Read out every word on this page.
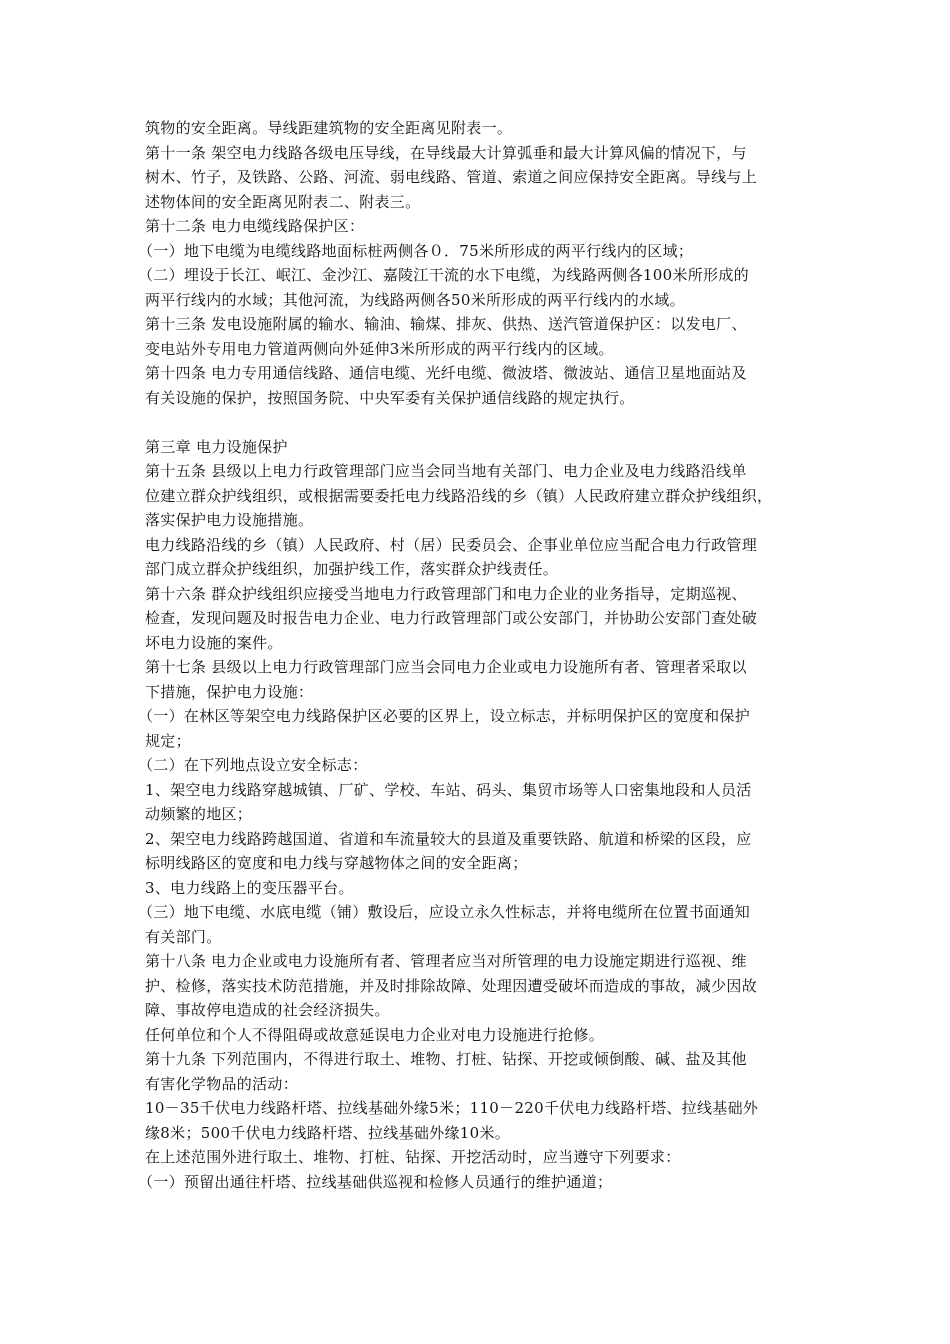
筑物的安全距离。导线距建筑物的安全距离见附表一。
第十一条 架空电力线路各级电压导线，在导线最大计算弧垂和最大计算风偏的情况下，与
树木、竹子，及铁路、公路、河流、弱电线路、管道、索道之间应保持安全距离。导线与上
述物体间的安全距离见附表二、附表三。
第十二条 电力电缆线路保护区：
（一）地下电缆为电缆线路地面标桩两侧各０．75米所形成的两平行线内的区域；
（二）埋设于长江、岷江、金沙江、嘉陵江干流的水下电缆，为线路两侧各100米所形成的
两平行线内的水域；其他河流，为线路两侧各50米所形成的两平行线内的水域。
第十三条 发电设施附属的输水、输油、输煤、排灰、供热、送汽管道保护区：以发电厂、
变电站外专用电力管道两侧向外延伸3米所形成的两平行线内的区域。
第十四条 电力专用通信线路、通信电缆、光纤电缆、微波塔、微波站、通信卫星地面站及
有关设施的保护，按照国务院、中央军委有关保护通信线路的规定执行。
第三章 电力设施保护
第十五条 县级以上电力行政管理部门应当会同当地有关部门、电力企业及电力线路沿线单
位建立群众护线组织，或根据需要委托电力线路沿线的乡（镇）人民政府建立群众护线组织，
落实保护电力设施措施。
电力线路沿线的乡（镇）人民政府、村（居）民委员会、企事业单位应当配合电力行政管理
部门成立群众护线组织，加强护线工作，落实群众护线责任。
第十六条 群众护线组织应接受当地电力行政管理部门和电力企业的业务指导，定期巡视、
检查，发现问题及时报告电力企业、电力行政管理部门或公安部门，并协助公安部门查处破
坏电力设施的案件。
第十七条 县级以上电力行政管理部门应当会同电力企业或电力设施所有者、管理者采取以
下措施，保护电力设施：
（一）在林区等架空电力线路保护区必要的区界上，设立标志，并标明保护区的宽度和保护
规定；
（二）在下列地点设立安全标志：
1、架空电力线路穿越城镇、厂矿、学校、车站、码头、集贸市场等人口密集地段和人员活
动频繁的地区；
2、架空电力线路跨越国道、省道和车流量较大的县道及重要铁路、航道和桥梁的区段，应
标明线路区的宽度和电力线与穿越物体之间的安全距离；
3、电力线路上的变压器平台。
（三）地下电缆、水底电缆（铺）敷设后，应设立永久性标志，并将电缆所在位置书面通知
有关部门。
第十八条 电力企业或电力设施所有者、管理者应当对所管理的电力设施定期进行巡视、维
护、检修，落实技术防范措施，并及时排除故障、处理因遭受破坏而造成的事故，减少因故
障、事故停电造成的社会经济损失。
任何单位和个人不得阻碍或故意延误电力企业对电力设施进行抢修。
第十九条 下列范围内，不得进行取土、堆物、打桩、钻探、开挖或倾倒酸、碱、盐及其他
有害化学物品的活动：
10－35千伏电力线路杆塔、拉线基础外缘5米；110－220千伏电力线路杆塔、拉线基础外
缘8米；500千伏电力线路杆塔、拉线基础外缘10米。
在上述范围外进行取土、堆物、打桩、钻探、开挖活动时，应当遵守下列要求：
（一）预留出通往杆塔、拉线基础供巡视和检修人员通行的维护通道；
